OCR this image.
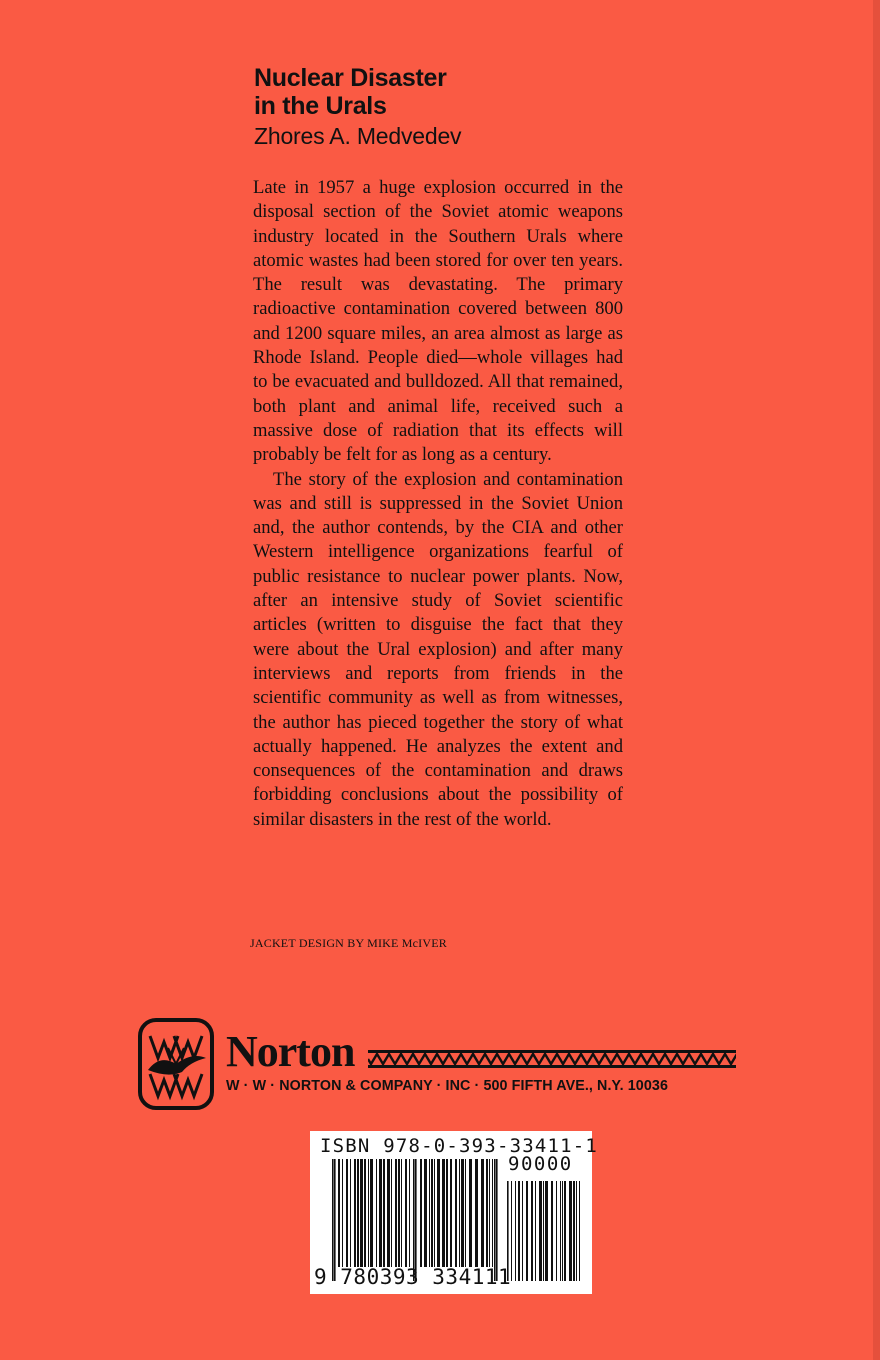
Nuclear Disaster
in the Urals
Zhores A. Medvedev

Late in 1957 a huge explosion occurred in the disposal section of the Soviet atomic weapons industry located in the Southern Urals where atomic wastes had been stored for over ten years. The result was devastating. The primary radioactive contamination covered between 800 and 1200 square miles, an area almost as large as Rhode Island. People died—whole villages had to be evacuated and bulldozed. All that remained, both plant and animal life, received such a massive dose of radiation that its effects will probably be felt for as long as a century.

The story of the explosion and contamination was and still is suppressed in the Soviet Union and, the author contends, by the CIA and other Western intelligence organizations fearful of public resistance to nuclear power plants. Now, after an intensive study of Soviet scientific articles (written to disguise the fact that they were about the Ural explosion) and after many interviews and reports from friends in the scientific community as well as from witnesses, the author has pieced together the story of what actually happened. He analyzes the extent and consequences of the contamination and draws forbidding conclusions about the possibility of similar disasters in the rest of the world.

JACKET DESIGN BY MIKE McIVER
Norton
W · W · NORTON & COMPANY · INC · 500 FIFTH AVE., N.Y. 10036
ISBN 978-0-393-33411-1
90000
9 780393 334111
